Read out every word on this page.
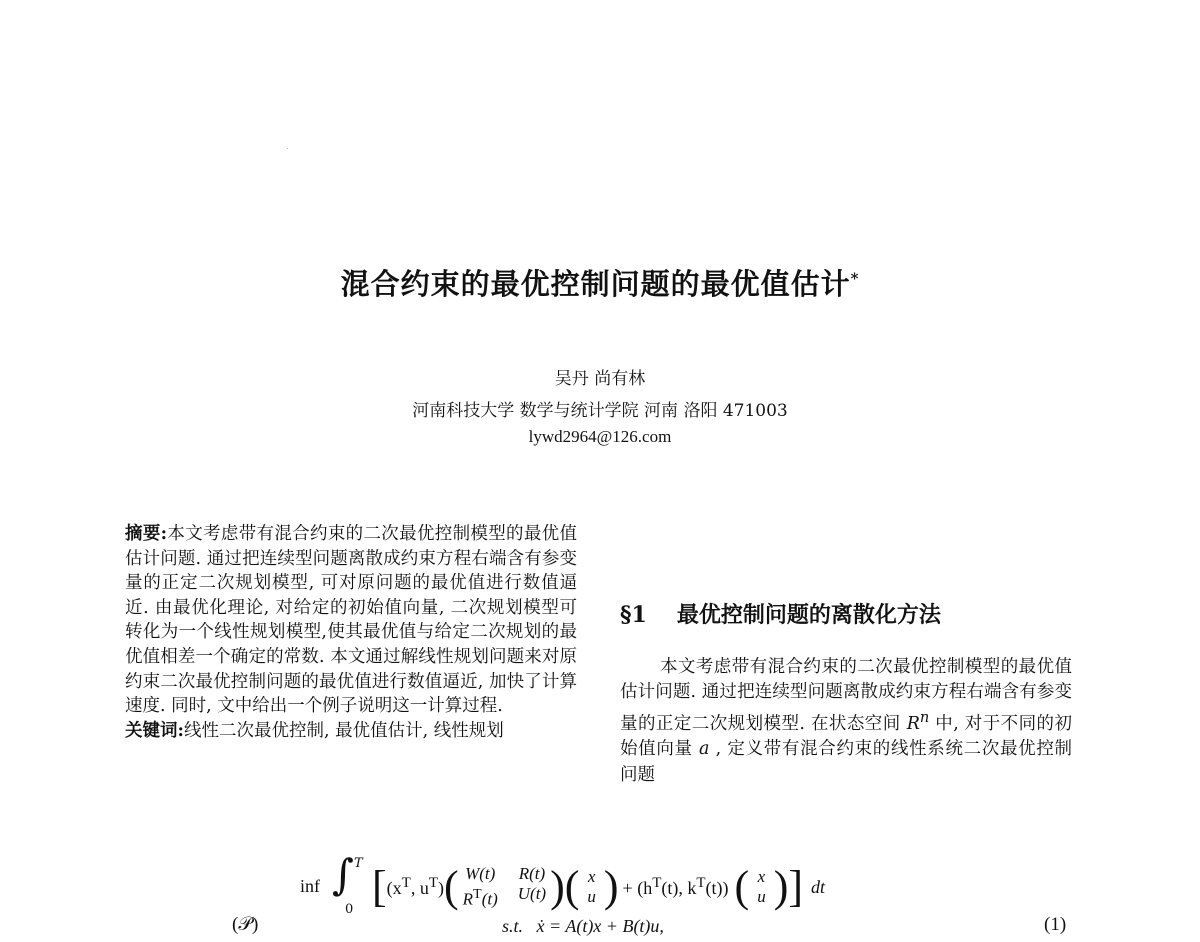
混合约束的最优控制问题的最优值估计*
吴丹 尚有林
河南科技大学 数学与统计学院 河南 洛阳 471003
lywd2964@126.com
摘要:本文考虑带有混合约束的二次最优控制模型的最优值估计问题. 通过把连续型问题离散成约束方程右端含有参变量的正定二次规划模型, 可对原问题的最优值进行数值逼近. 由最优化理论, 对给定的初始值向量, 二次规划模型可转化为一个线性规划模型,使其最优值与给定二次规划的最优值相差一个确定的常数. 本文通过解线性规划问题来对原约束二次最优控制问题的最优值进行数值逼近, 加快了计算速度. 同时, 文中给出一个例子说明这一计算过程.
关键词:线性二次最优控制, 最优值估计, 线性规划
§1 最优控制问题的离散化方法
本文考虑带有混合约束的二次最优控制模型的最优值估计问题. 通过把连续型问题离散成约束方程右端含有参变量的正定二次规划模型. 在状态空间 $R^n$ 中, 对于不同的初始值向量 a , 定义带有混合约束的线性系统二次最优控制问题
inf ∫ T
0 [ ($x^T$, $u^T$) ( W(t) R(t)
$R^T(t)$ U(t) ) ( x
u ) + ($h^T(t)$, $k^T(t)$) ( x
u ) ] dt
s.t. ẋ = A(t)x + B(t)u,
(𝒫)	(1)
